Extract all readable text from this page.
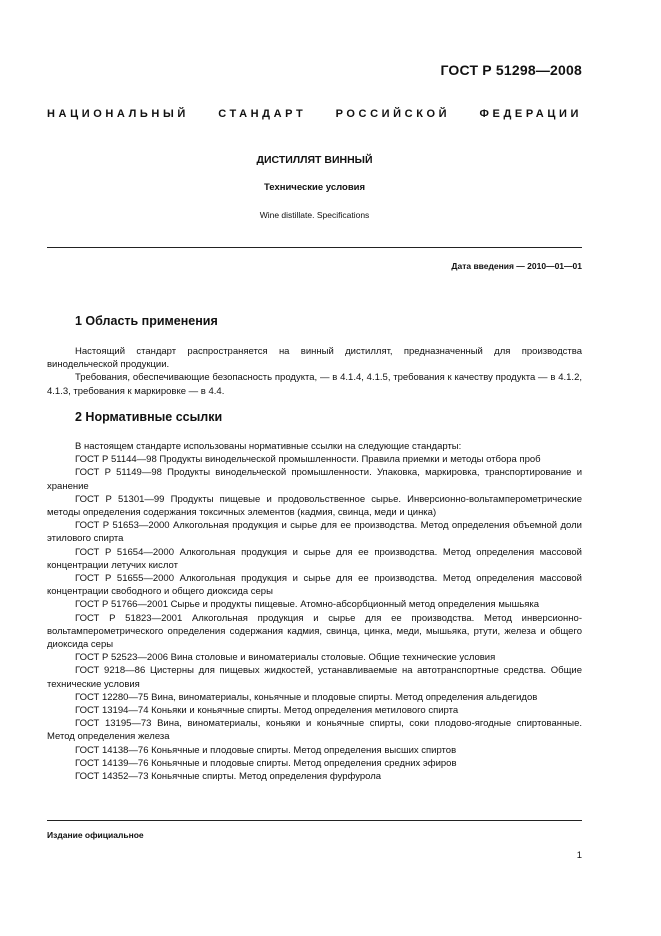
ГОСТ Р 51298—2008
НАЦИОНАЛЬНЫЙ СТАНДАРТ РОССИЙСКОЙ ФЕДЕРАЦИИ
ДИСТИЛЛЯТ ВИННЫЙ
Технические условия
Wine distillate. Specifications
Дата введения — 2010—01—01
1 Область применения

Настоящий стандарт распространяется на винный дистиллят, предназначенный для производства винодельческой продукции.

Требования, обеспечивающие безопасность продукта, — в 4.1.4, 4.1.5, требования к качеству продукта — в 4.1.2, 4.1.3, требования к маркировке — в 4.4.

2 Нормативные ссылки

В настоящем стандарте использованы нормативные ссылки на следующие стандарты:

ГОСТ Р 51144—98 Продукты винодельческой промышленности. Правила приемки и методы отбора проб

ГОСТ Р 51149—98 Продукты винодельческой промышленности. Упаковка, маркировка, транспортирование и хранение

ГОСТ Р 51301—99 Продукты пищевые и продовольственное сырье. Инверсионно-вольтамперометрические методы определения содержания токсичных элементов (кадмия, свинца, меди и цинка)

ГОСТ Р 51653—2000 Алкогольная продукция и сырье для ее производства. Метод определения объемной доли этилового спирта

ГОСТ Р 51654—2000 Алкогольная продукция и сырье для ее производства. Метод определения массовой концентрации летучих кислот

ГОСТ Р 51655—2000 Алкогольная продукция и сырье для ее производства. Метод определения массовой концентрации свободного и общего диоксида серы

ГОСТ Р 51766—2001 Сырье и продукты пищевые. Атомно-абсорбционный метод определения мышьяка

ГОСТ Р 51823—2001 Алкогольная продукция и сырье для ее производства. Метод инверсионно-вольтамперометрического определения содержания кадмия, свинца, цинка, меди, мышьяка, ртути, железа и общего диоксида серы

ГОСТ Р 52523—2006 Вина столовые и виноматериалы столовые. Общие технические условия

ГОСТ 9218—86 Цистерны для пищевых жидкостей, устанавливаемые на автотранспортные средства. Общие технические условия

ГОСТ 12280—75 Вина, виноматериалы, коньячные и плодовые спирты. Метод определения альдегидов

ГОСТ 13194—74 Коньяки и коньячные спирты. Метод определения метилового спирта

ГОСТ 13195—73 Вина, виноматериалы, коньяки и коньячные спирты, соки плодово-ягодные спиртованные. Метод определения железа

ГОСТ 14138—76 Коньячные и плодовые спирты. Метод определения высших спиртов

ГОСТ 14139—76 Коньячные и плодовые спирты. Метод определения средних эфиров

ГОСТ 14352—73 Коньячные спирты. Метод определения фурфурола

Издание официальное
1
